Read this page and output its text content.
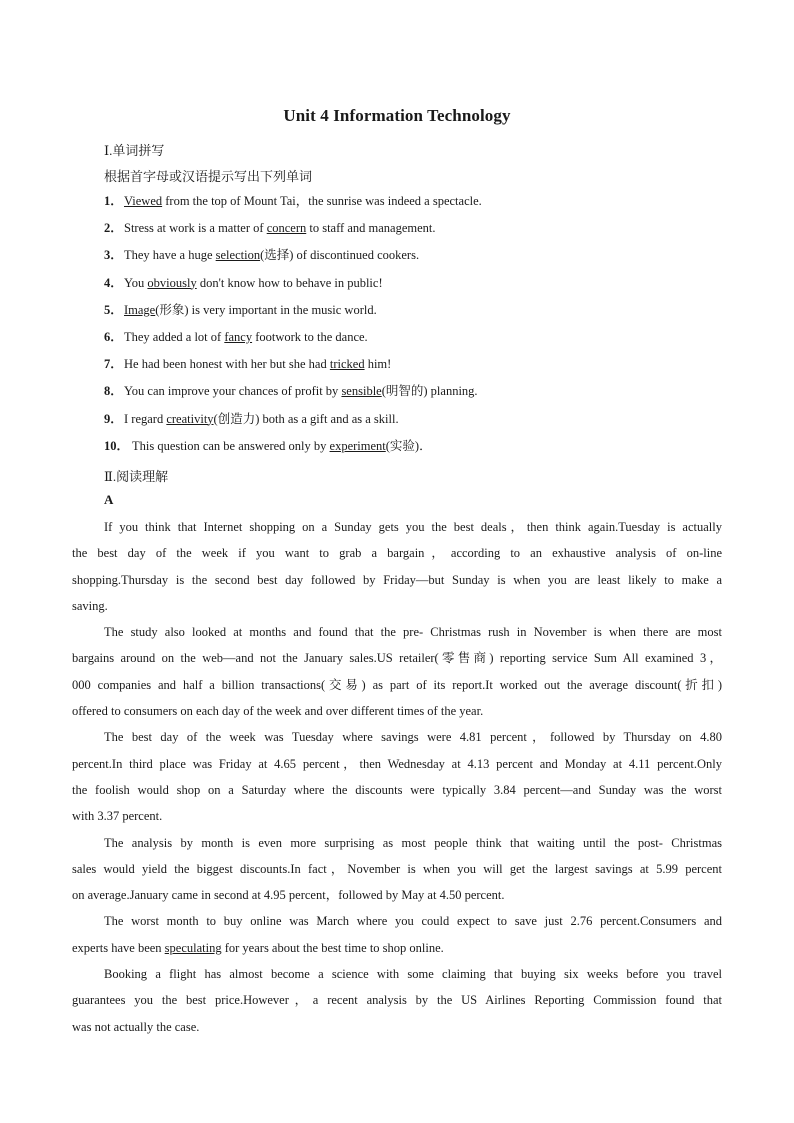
Unit 4 Information Technology
Ⅰ.单词拼写
根据首字母或汉语提示写出下列单词
1．Viewed from the top of Mount Tai，the sunrise was indeed a spectacle.
2．Stress at work is a matter of concern to staff and management.
3．They have a huge selection(选择) of discontinued cookers.
4．You obviously don't know how to behave in public!
5．Image(形象) is very important in the music world.
6．They added a lot of fancy footwork to the dance.
7．He had been honest with her but she had tricked him!
8．You can improve your chances of profit by sensible(明智的) planning.
9．I regard creativity(创造力) both as a gift and as a skill.
10． This question can be answered only by experiment(实验)．
Ⅱ.阅读理解
A
If you think that Internet shopping on a Sunday gets you the best deals，then think again.Tuesday is actually
the best day of the week if you want to grab a bargain，according to an exhaustive analysis of on-line
shopping.Thursday is the second best day followed by Friday—but Sunday is when you are least likely to make a
saving.
The study also looked at months and found that the pre- Christmas rush in November is when there are most
bargains around on the web—and not the January sales.US retailer(零售商) reporting service Sum All examined 3，
000 companies and half a billion transactions(交易) as part of its report.It worked out the average discount(折扣)
offered to consumers on each day of the week and over different times of the year.
The best day of the week was Tuesday where savings were 4.81 percent，followed by Thursday on 4.80
percent.In third place was Friday at 4.65 percent，then Wednesday at 4.13 percent and Monday at 4.11 percent.Only
the foolish would shop on a Saturday where the discounts were typically 3.84 percent—and Sunday was the worst
with 3.37 percent.
The analysis by month is even more surprising as most people think that waiting until the post- Christmas
sales would yield the biggest discounts.In fact，November is when you will get the largest savings at 5.99 percent
on average.January came in second at 4.95 percent，followed by May at 4.50 percent.
The worst month to buy online was March where you could expect to save just 2.76 percent.Consumers and
experts have been speculating for years about the best time to shop online.
Booking a flight has almost become a science with some claiming that buying six weeks before you travel
guarantees you the best price.However，a recent analysis by the US Airlines Reporting Commission found that
was not actually the case.
